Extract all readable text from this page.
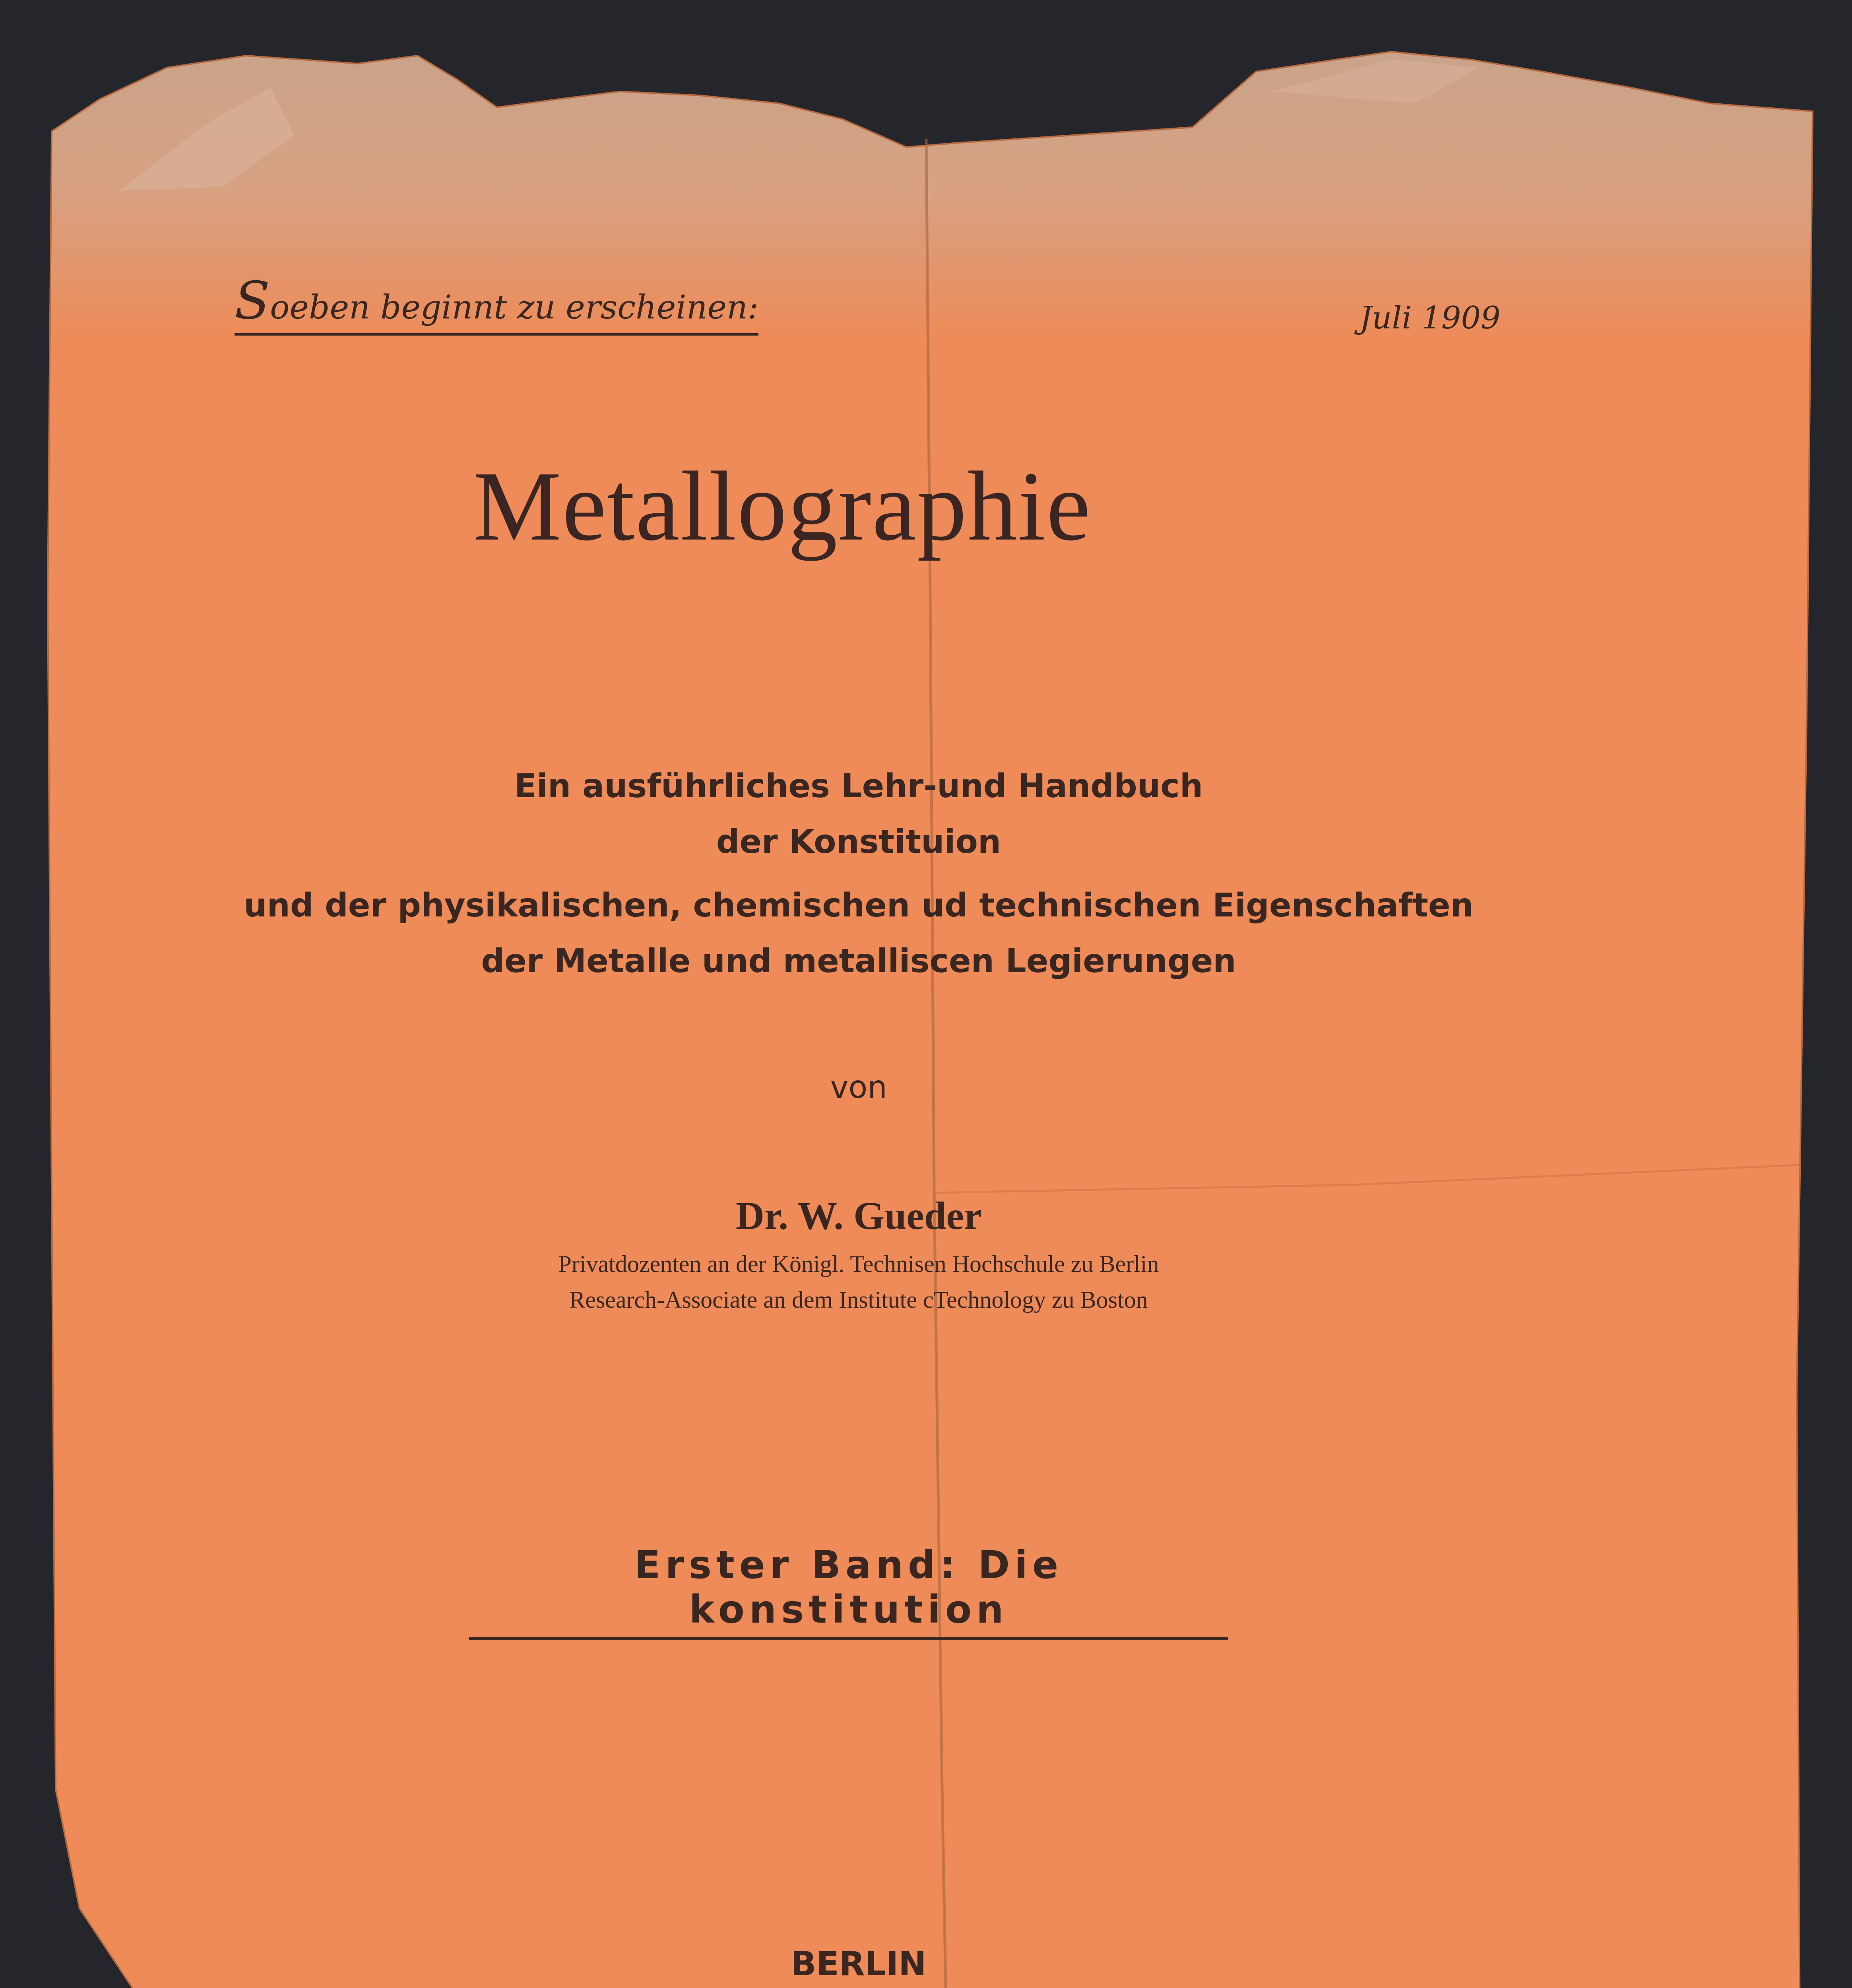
Soeben beginnt zu erscheinen:	Juli 1909
Metallographie
Ein ausführliches Lehr-und Handbuch
der Konstituion
und der physikalischen, chemischen ud technischen Eigenschaften
der Metalle und metalliscen Legierungen
von
Dr. W. Gueder
Privatdozenten an der Königl. Technisen Hochschule zu Berlin
Research-Associate an dem Institute cTechnology zu Boston
Erster Band: Die konstitution
BERLIN
